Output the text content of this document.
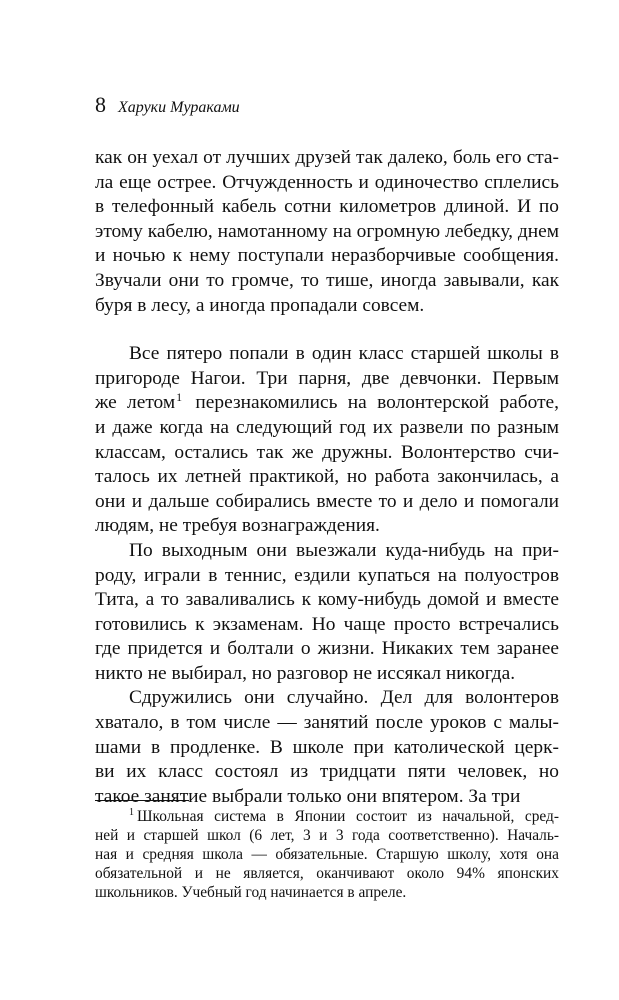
8 Харуки Мураками

как он уехал от лучших друзей так далеко, боль его ста-
ла еще острее. Отчужденность и одиночество сплелись
в телефонный кабель сотни километров длиной. И по
этому кабелю, намотанному на огромную лебедку, днем
и ночью к нему поступали неразборчивые сообщения.
Звучали они то громче, то тише, иногда завывали, как
буря в лесу, а иногда пропадали совсем.

Все пятеро попали в один класс старшей школы в
пригороде Нагои. Три парня, две девчонки. Первым
же летом$^1$ перезнакомились на волонтерской работе,
и даже когда на следующий год их развели по разным
классам, остались так же дружны. Волонтерство счи-
талось их летней практикой, но работа закончилась, а
они и дальше собирались вместе то и дело и помогали
людям, не требуя вознаграждения.

По выходным они выезжали куда-нибудь на при-
роду, играли в теннис, ездили купаться на полуостров
Тита, а то заваливались к кому-нибудь домой и вместе
готовились к экзаменам. Но чаще просто встречались
где придется и болтали о жизни. Никаких тем заранее
никто не выбирал, но разговор не иссякал никогда.

Сдружились они случайно. Дел для волонтеров
хватало, в том числе — занятий после уроков с малы-
шами в продленке. В школе при католической церк-
ви их класс состоял из тридцати пяти человек, но
такое занятие выбрали только они впятером. За три

$^1$ Школьная система в Японии состоит из начальной, сред-
ней и старшей школ (6 лет, 3 и 3 года соответственно). Началь-
ная и средняя школа — обязательные. Старшую школу, хотя она
обязательной и не является, оканчивают около 94% японских
школьников. Учебный год начинается в апреле.
